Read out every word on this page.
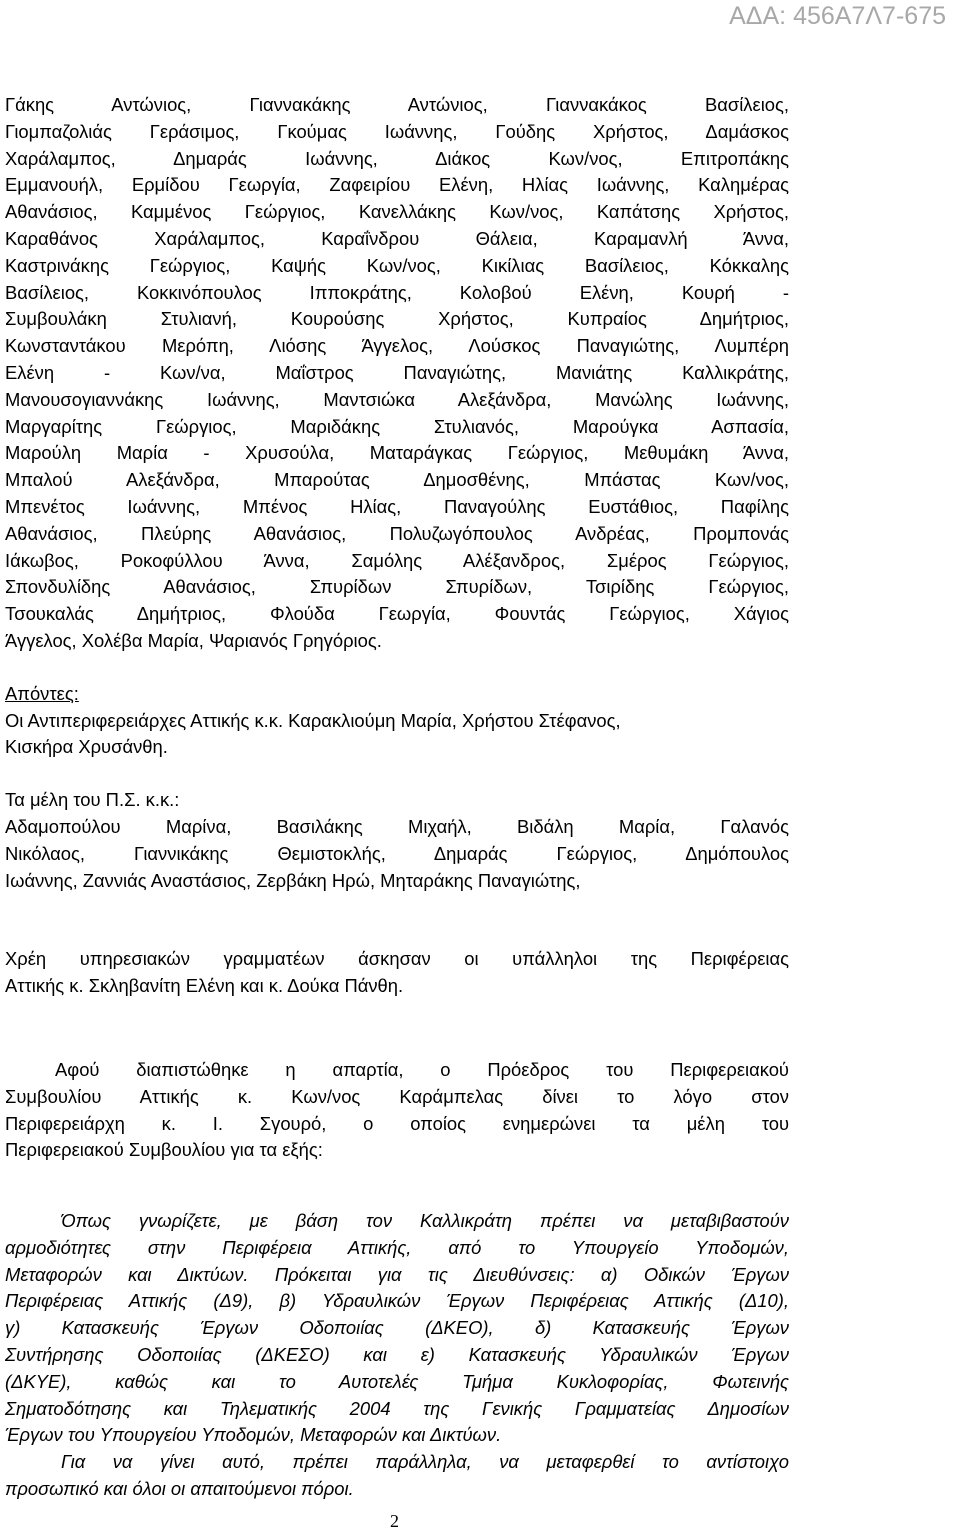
ΑΔΑ: 456Α7Λ7-675

Γάκης Αντώνιος, Γιαννακάκης Αντώνιος, Γιαννακάκος Βασίλειος,

Γιομπαζολιάς Γεράσιμος, Γκούμας Ιωάννης, Γούδης Χρήστος, Δαμάσκος

Χαράλαμπος, Δημαράς Ιωάννης, Διάκος Κων/νος, Επιτροπάκης

Εμμανουήλ, Ερμίδου Γεωργία, Ζαφειρίου Ελένη, Ηλίας Ιωάννης, Καλημέρας

Αθανάσιος, Καμμένος Γεώργιος, Κανελλάκης Κων/νος, Καπάτσης Χρήστος,

Καραθάνος Χαράλαμπος, Καραΐνδρου Θάλεια, Καραμανλή Άννα,

Καστρινάκης Γεώργιος, Καψής Κων/νος, Κικίλιας Βασίλειος, Κόκκαλης

Βασίλειος, Κοκκινόπουλος Ιπποκράτης, Κολοβού Ελένη, Κουρή -

Συμβουλάκη Στυλιανή, Κουρούσης Χρήστος, Κυπραίος Δημήτριος,

Κωνσταντάκου Μερόπη, Λιόσης Άγγελος, Λούσκος Παναγιώτης, Λυμπέρη

Ελένη - Κων/να, Μαΐστρος Παναγιώτης, Μανιάτης Καλλικράτης,

Μανουσογιαννάκης Ιωάννης, Μαντσιώκα Αλεξάνδρα, Μανώλης Ιωάννης,

Μαργαρίτης Γεώργιος, Μαριδάκης Στυλιανός, Μαρούγκα Ασπασία,

Μαρούλη Μαρία - Χρυσούλα, Ματαράγκας Γεώργιος, Μεθυμάκη Άννα,

Μπαλού Αλεξάνδρα, Μπαρούτας Δημοσθένης, Μπάστας Κων/νος,

Μπενέτος Ιωάννης, Μπένος Ηλίας, Παναγούλης Ευστάθιος, Παφίλης

Αθανάσιος, Πλεύρης Αθανάσιος, Πολυζωγόπουλος Ανδρέας, Προμπονάς

Ιάκωβος, Ροκοφύλλου Άννα, Σαμόλης Αλέξανδρος, Σμέρος Γεώργιος,

Σπονδυλίδης Αθανάσιος, Σπυρίδων Σπυρίδων, Τσιρίδης Γεώργιος,

Τσουκαλάς Δημήτριος, Φλούδα Γεωργία, Φουντάς Γεώργιος, Χάγιος

Άγγελος, Χολέβα Μαρία, Ψαριανός Γρηγόριος.

Απόντες:

Οι Αντιπεριφερειάρχες Αττικής κ.κ. Καρακλιούμη Μαρία, Χρήστου Στέφανος,

Κισκήρα Χρυσάνθη.

Τα μέλη του Π.Σ. κ.κ.:

Αδαμοπούλου Μαρίνα, Βασιλάκης Μιχαήλ, Βιδάλη Μαρία, Γαλανός

Νικόλαος, Γιαννικάκης Θεμιστοκλής, Δημαράς Γεώργιος, Δημόπουλος

Ιωάννης, Ζαννιάς Αναστάσιος, Ζερβάκη Ηρώ, Μηταράκης Παναγιώτης,

Χρέη υπηρεσιακών γραμματέων άσκησαν οι υπάλληλοι της Περιφέρειας

Αττικής κ. Σκληβανίτη Ελένη και κ. Δούκα Πάνθη.

Αφού διαπιστώθηκε η απαρτία, ο Πρόεδρος του Περιφερειακού

Συμβουλίου Αττικής κ. Κων/νος Καράμπελας δίνει το λόγο στον

Περιφερειάρχη κ. Ι. Σγουρό, ο οποίος ενημερώνει τα μέλη του

Περιφερειακού Συμβουλίου για τα εξής:

Όπως γνωρίζετε, με βάση τον Καλλικράτη πρέπει να μεταβιβαστούν

αρμοδιότητες στην Περιφέρεια Αττικής, από το Υπουργείο Υποδομών,

Μεταφορών και Δικτύων. Πρόκειται για τις Διευθύνσεις: α) Οδικών Έργων

Περιφέρειας Αττικής (Δ9), β) Υδραυλικών Έργων Περιφέρειας Αττικής (Δ10),

γ) Κατασκευής Έργων Οδοποιίας (ΔΚΕΟ), δ) Κατασκευής Έργων

Συντήρησης Οδοποιίας (ΔΚΕΣΟ) και ε) Κατασκευής Υδραυλικών Έργων

(ΔΚΥΕ), καθώς και το Αυτοτελές Τμήμα Κυκλοφορίας, Φωτεινής

Σηματοδότησης και Τηλεματικής 2004 της Γενικής Γραμματείας Δημοσίων

Έργων του Υπουργείου Υποδομών, Μεταφορών και Δικτύων.

Για να γίνει αυτό, πρέπει παράλληλα, να μεταφερθεί το αντίστοιχο

προσωπικό και όλοι οι απαιτούμενοι πόροι.

2
